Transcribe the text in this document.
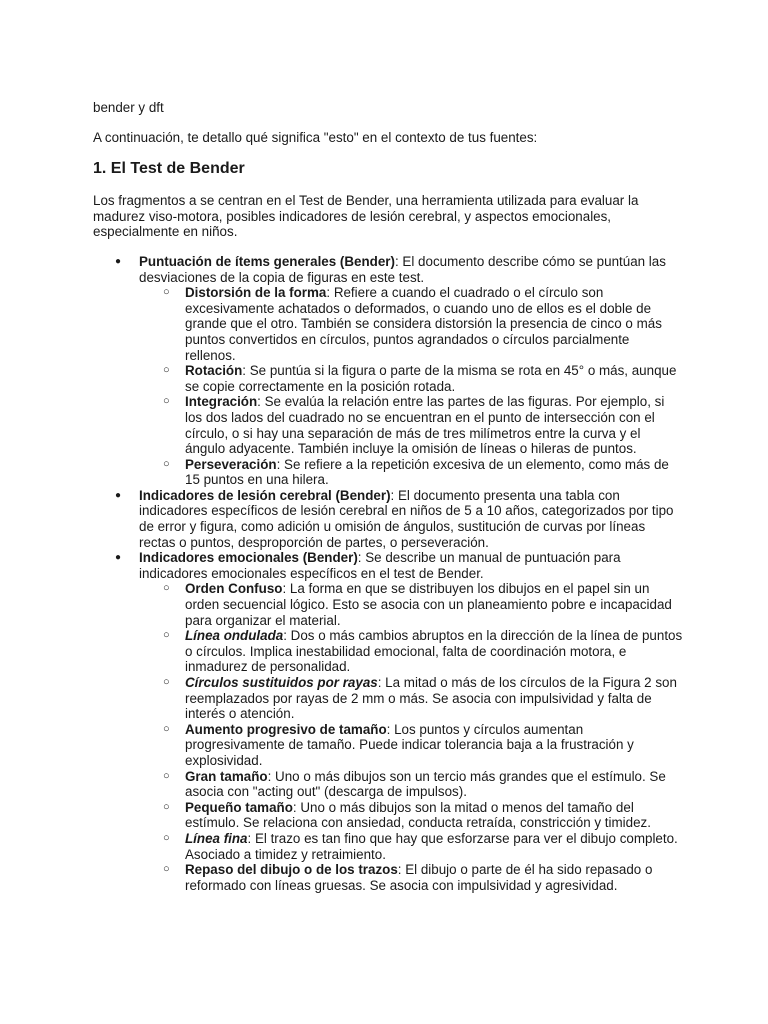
bender y dft

A continuación, te detallo qué significa "esto" en el contexto de tus fuentes:

1. El Test de Bender

Los fragmentos a se centran en el Test de Bender, una herramienta utilizada para evaluar la madurez viso-motora, posibles indicadores de lesión cerebral, y aspectos emocionales, especialmente en niños.

● Puntuación de ítems generales (Bender): El documento describe cómo se puntúan las desviaciones de la copia de figuras en este test.
○ Distorsión de la forma: Refiere a cuando el cuadrado o el círculo son excesivamente achatados o deformados, o cuando uno de ellos es el doble de grande que el otro. También se considera distorsión la presencia de cinco o más puntos convertidos en círculos, puntos agrandados o círculos parcialmente rellenos.
○ Rotación: Se puntúa si la figura o parte de la misma se rota en 45° o más, aunque se copie correctamente en la posición rotada.
○ Integración: Se evalúa la relación entre las partes de las figuras. Por ejemplo, si los dos lados del cuadrado no se encuentran en el punto de intersección con el círculo, o si hay una separación de más de tres milímetros entre la curva y el ángulo adyacente. También incluye la omisión de líneas o hileras de puntos.
○ Perseveración: Se refiere a la repetición excesiva de un elemento, como más de 15 puntos en una hilera.
● Indicadores de lesión cerebral (Bender): El documento presenta una tabla con indicadores específicos de lesión cerebral en niños de 5 a 10 años, categorizados por tipo de error y figura, como adición u omisión de ángulos, sustitución de curvas por líneas rectas o puntos, desproporción de partes, o perseveración.
● Indicadores emocionales (Bender): Se describe un manual de puntuación para indicadores emocionales específicos en el test de Bender.
○ Orden Confuso: La forma en que se distribuyen los dibujos en el papel sin un orden secuencial lógico. Esto se asocia con un planeamiento pobre e incapacidad para organizar el material.
○ Línea ondulada: Dos o más cambios abruptos en la dirección de la línea de puntos o círculos. Implica inestabilidad emocional, falta de coordinación motora, e inmadurez de personalidad.
○ Círculos sustituidos por rayas: La mitad o más de los círculos de la Figura 2 son reemplazados por rayas de 2 mm o más. Se asocia con impulsividad y falta de interés o atención.
○ Aumento progresivo de tamaño: Los puntos y círculos aumentan progresivamente de tamaño. Puede indicar tolerancia baja a la frustración y explosividad.
○ Gran tamaño: Uno o más dibujos son un tercio más grandes que el estímulo. Se asocia con "acting out" (descarga de impulsos).
○ Pequeño tamaño: Uno o más dibujos son la mitad o menos del tamaño del estímulo. Se relaciona con ansiedad, conducta retraída, constricción y timidez.
○ Línea fina: El trazo es tan fino que hay que esforzarse para ver el dibujo completo. Asociado a timidez y retraimiento.
○ Repaso del dibujo o de los trazos: El dibujo o parte de él ha sido repasado o reformado con líneas gruesas. Se asocia con impulsividad y agresividad.
